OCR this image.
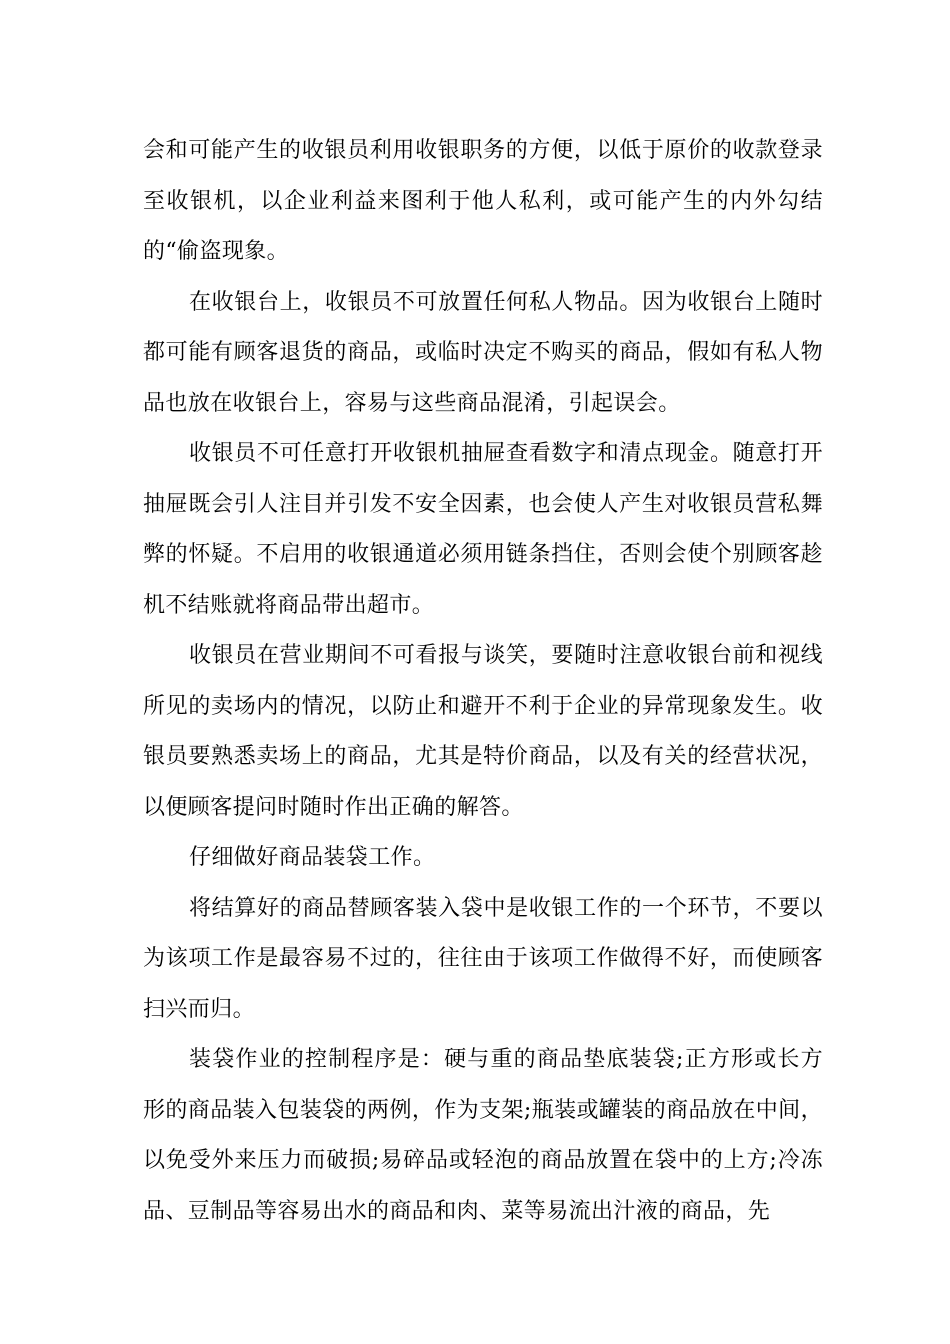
会和可能产生的收银员利用收银职务的方便，以低于原价的收款登录至收银机，以企业利益来图利于他人私利，或可能产生的内外勾结的“偷盗现象。

在收银台上，收银员不可放置任何私人物品。因为收银台上随时都可能有顾客退货的商品，或临时决定不购买的商品，假如有私人物品也放在收银台上，容易与这些商品混淆，引起误会。

收银员不可任意打开收银机抽屉查看数字和清点现金。随意打开抽屉既会引人注目并引发不安全因素，也会使人产生对收银员营私舞弊的怀疑。不启用的收银通道必须用链条挡住，否则会使个别顾客趁机不结账就将商品带出超市。

收银员在营业期间不可看报与谈笑，要随时注意收银台前和视线所见的卖场内的情况，以防止和避开不利于企业的异常现象发生。收银员要熟悉卖场上的商品，尤其是特价商品，以及有关的经营状况，以便顾客提问时随时作出正确的解答。

仔细做好商品装袋工作。

将结算好的商品替顾客装入袋中是收银工作的一个环节，不要以为该项工作是最容易不过的，往往由于该项工作做得不好，而使顾客扫兴而归。

装袋作业的控制程序是：硬与重的商品垫底装袋;正方形或长方形的商品装入包装袋的两例，作为支架;瓶装或罐装的商品放在中间，以免受外来压力而破损;易碎品或轻泡的商品放置在袋中的上方;冷冻品、豆制品等容易出水的商品和肉、菜等易流出汁液的商品，先
